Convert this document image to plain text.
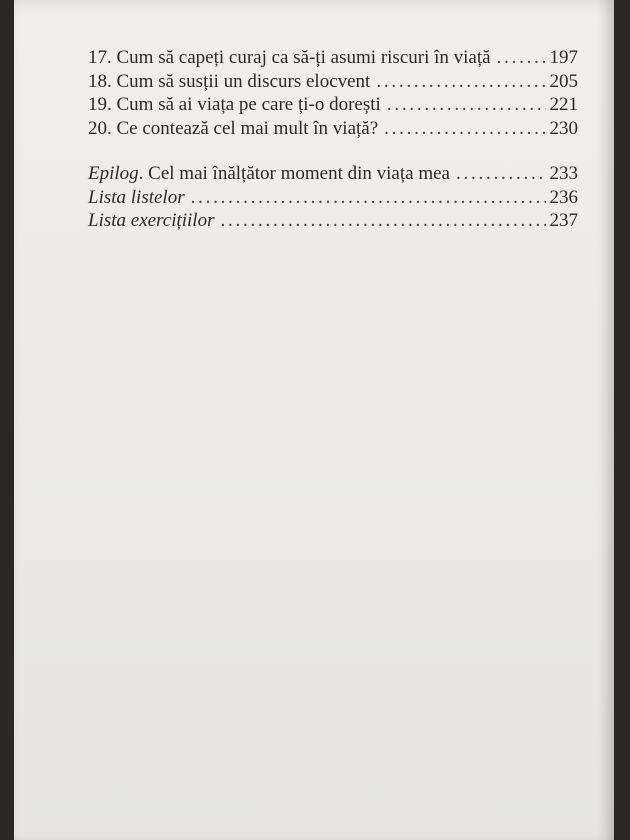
17. Cum să capeți curaj ca să-ți asumi riscuri în viață . . .	197
18. Cum să susții un discurs elocvent . . .	205
19. Cum să ai viața pe care ți-o dorești . . .	221
20. Ce contează cel mai mult în viață? . . .	230
Epilog. Cel mai înălțător moment din viața mea . . .	233
Lista listelor . . .	236
Lista exercițiilor . . .	237
